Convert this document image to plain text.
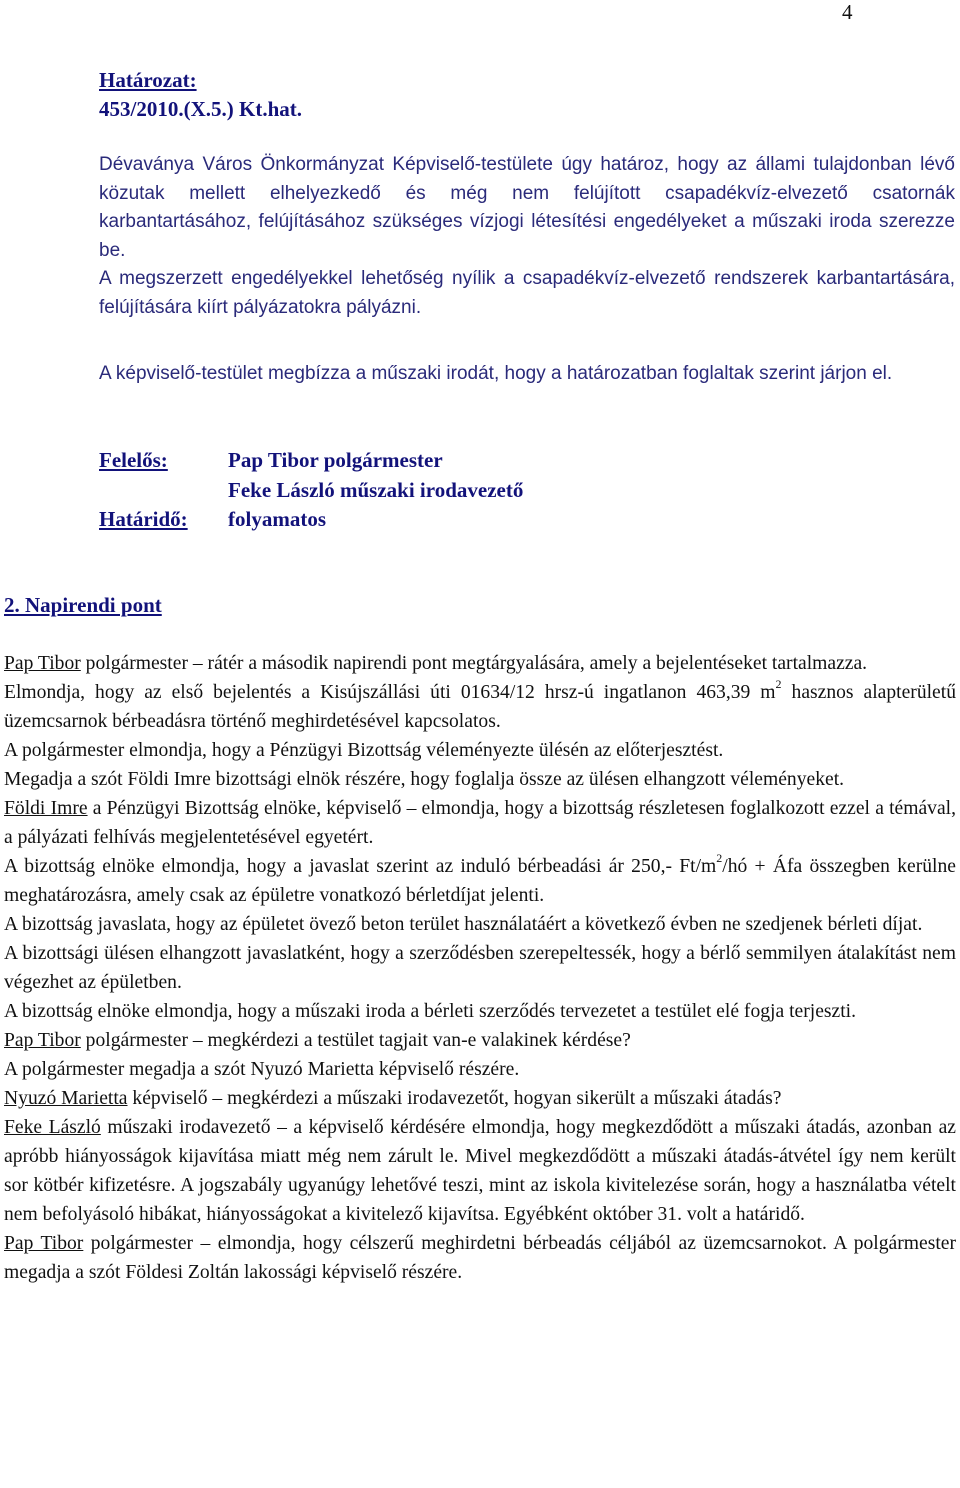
4
Határozat:
453/2010.(X.5.) Kt.hat.

Dévaványa Város Önkormányzat Képviselő-testülete úgy határoz, hogy az állami tulajdonban lévő közutak mellett elhelyezkedő és még nem felújított csapadékvíz-elvezető csatornák karbantartásához, felújításához szükséges vízjogi létesítési engedélyeket a műszaki iroda szerezze be.

A megszerzett engedélyekkel lehetőség nyílik a csapadékvíz-elvezető rendszerek karbantartására, felújítására kiírt pályázatokra pályázni.

A képviselő-testület megbízza a műszaki irodát, hogy a határozatban foglaltak szerint járjon el.

Felelős:	Pap Tibor polgármester
Feke László műszaki irodavezető
Határidő:	folyamatos
2. Napirendi pont

Pap Tibor polgármester – rátér a második napirendi pont megtárgyalására, amely a bejelentéseket tartalmazza.

Elmondja, hogy az első bejelentés a Kisújszállási úti 01634/12 hrsz-ú ingatlanon 463,39 $m^2$ hasznos alapterületű üzemcsarnok bérbeadásra történő meghirdetésével kapcsolatos.

A polgármester elmondja, hogy a Pénzügyi Bizottság véleményezte ülésén az előterjesztést.

Megadja a szót Földi Imre bizottsági elnök részére, hogy foglalja össze az ülésen elhangzott véleményeket.

Földi Imre a Pénzügyi Bizottság elnöke, képviselő – elmondja, hogy a bizottság részletesen foglalkozott ezzel a témával, a pályázati felhívás megjelentetésével egyetért.

A bizottság elnöke elmondja, hogy a javaslat szerint az induló bérbeadási ár 250,- $Ft/m^2/hó$ + Áfa összegben kerülne meghatározásra, amely csak az épületre vonatkozó bérletdíjat jelenti.

A bizottság javaslata, hogy az épületet övező beton terület használatáért a következő évben ne szedjenek bérleti díjat.

A bizottsági ülésen elhangzott javaslatként, hogy a szerződésben szerepeltessék, hogy a bérlő semmilyen átalakítást nem végezhet az épületben.

A bizottság elnöke elmondja, hogy a műszaki iroda a bérleti szerződés tervezetet a testület elé fogja terjeszti.

Pap Tibor polgármester – megkérdezi a testület tagjait van-e valakinek kérdése?

A polgármester megadja a szót Nyuzó Marietta képviselő részére.

Nyuzó Marietta képviselő – megkérdezi a műszaki irodavezetőt, hogyan sikerült a műszaki átadás?

Feke László műszaki irodavezető – a képviselő kérdésére elmondja, hogy megkezdődött a műszaki átadás, azonban az apróbb hiányosságok kijavítása miatt még nem zárult le. Mivel megkezdődött a műszaki átadás-átvétel így nem került sor kötbér kifizetésre. A jogszabály ugyanúgy lehetővé teszi, mint az iskola kivitelezése során, hogy a használatba vételt nem befolyásoló hibákat, hiányosságokat a kivitelező kijavítsa. Egyébként október 31. volt a határidő.

Pap Tibor polgármester – elmondja, hogy célszerű meghirdetni bérbeadás céljából az üzemcsarnokot. A polgármester megadja a szót Földesi Zoltán lakossági képviselő részére.
